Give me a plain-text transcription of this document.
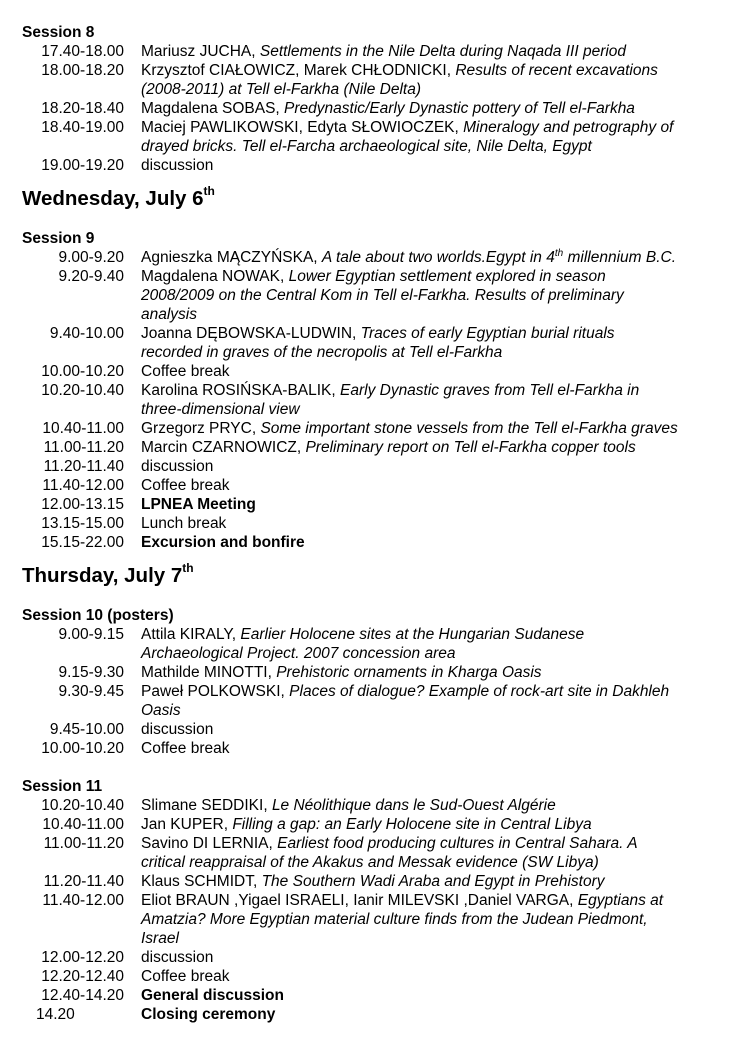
Session 8
17.40-18.00 Mariusz JUCHA, Settlements in the Nile Delta during Naqada III period
18.00-18.20 Krzysztof CIAŁOWICZ, Marek CHŁODNICKI, Results of recent excavations
(2008-2011) at Tell el-Farkha (Nile Delta)
18.20-18.40 Magdalena SOBAS, Predynastic/Early Dynastic pottery of Tell el-Farkha
18.40-19.00 Maciej PAWLIKOWSKI, Edyta SŁOWIOCZEK, Mineralogy and petrography of
drayed bricks. Tell el-Farcha archaeological site, Nile Delta, Egypt
19.00-19.20 discussion
Wednesday, July 6th
Session 9
9.00-9.20 Agnieszka MĄCZYŃSKA, A tale about two worlds.Egypt in 4th millennium B.C.
9.20-9.40 Magdalena NOWAK, Lower Egyptian settlement explored in season
2008/2009 on the Central Kom in Tell el-Farkha. Results of preliminary
analysis
9.40-10.00 Joanna DĘBOWSKA-LUDWIN, Traces of early Egyptian burial rituals
recorded in graves of the necropolis at Tell el-Farkha
10.00-10.20 Coffee break
10.20-10.40 Karolina ROSIŃSKA-BALIK, Early Dynastic graves from Tell el-Farkha in
three-dimensional view
10.40-11.00 Grzegorz PRYC, Some important stone vessels from the Tell el-Farkha graves
11.00-11.20 Marcin CZARNOWICZ, Preliminary report on Tell el-Farkha copper tools
11.20-11.40 discussion
11.40-12.00 Coffee break
12.00-13.15 LPNEA Meeting
13.15-15.00 Lunch break
15.15-22.00 Excursion and bonfire
Thursday, July 7th
Session 10 (posters)
9.00-9.15 Attila KIRALY, Earlier Holocene sites at the Hungarian Sudanese
Archaeological Project. 2007 concession area
9.15-9.30 Mathilde MINOTTI, Prehistoric ornaments in Kharga Oasis
9.30-9.45 Paweł POLKOWSKI, Places of dialogue? Example of rock-art site in Dakhleh
Oasis
9.45-10.00 discussion
10.00-10.20 Coffee break
Session 11
10.20-10.40 Slimane SEDDIKI, Le Néolithique dans le Sud-Ouest Algérie
10.40-11.00 Jan KUPER, Filling a gap: an Early Holocene site in Central Libya
11.00-11.20 Savino DI LERNIA, Earliest food producing cultures in Central Sahara. A
critical reappraisal of the Akakus and Messak evidence (SW Libya)
11.20-11.40 Klaus SCHMIDT, The Southern Wadi Araba and Egypt in Prehistory
11.40-12.00 Eliot BRAUN ,Yigael ISRAELI, Ianir MILEVSKI ,Daniel VARGA, Egyptians at
Amatzia? More Egyptian material culture finds from the Judean Piedmont,
Israel
12.00-12.20 discussion
12.20-12.40 Coffee break
12.40-14.20 General discussion
14.20	Closing ceremony
